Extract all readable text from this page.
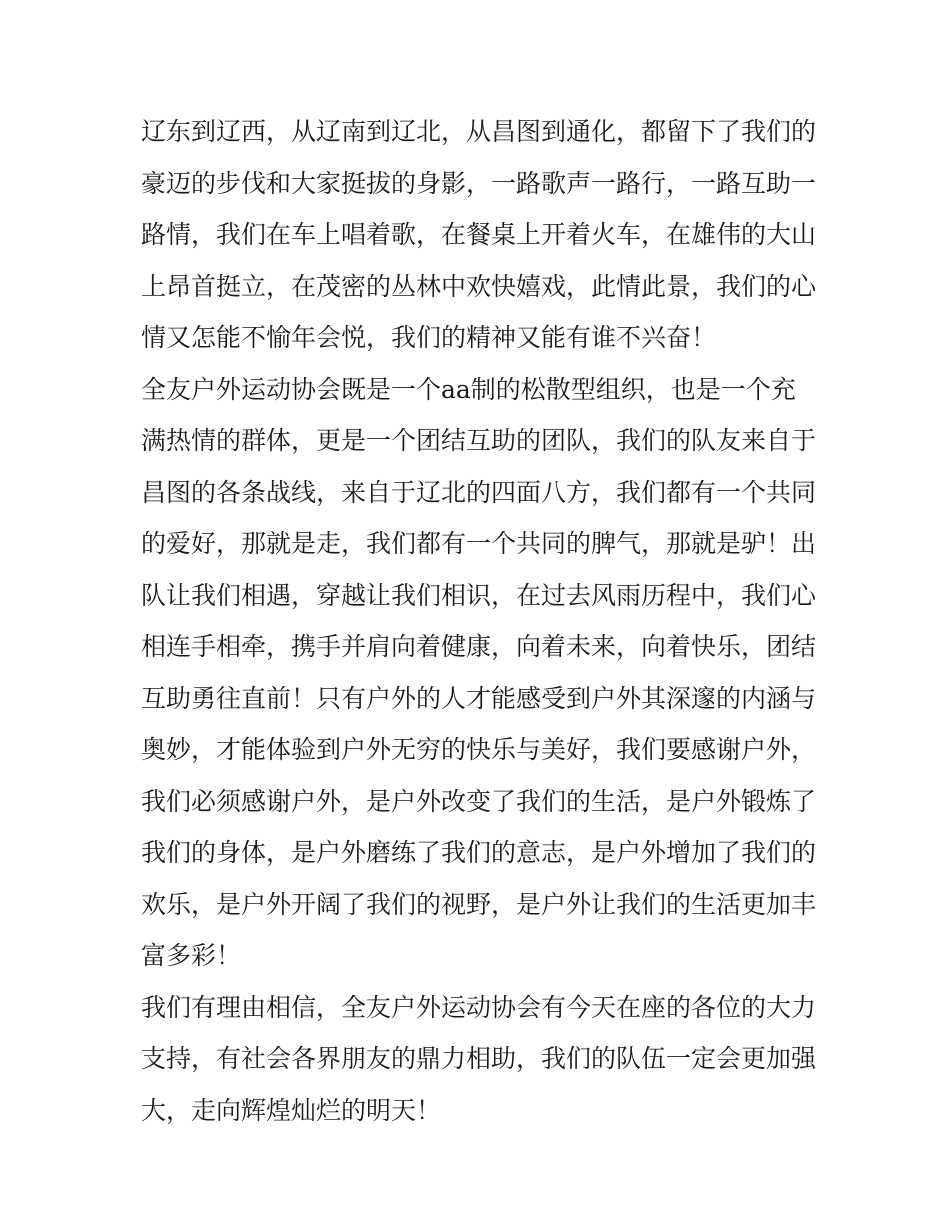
辽东到辽西，从辽南到辽北，从昌图到通化，都留下了我们的
豪迈的步伐和大家挺拔的身影，一路歌声一路行，一路互助一
路情，我们在车上唱着歌，在餐桌上开着火车，在雄伟的大山
上昂首挺立，在茂密的丛林中欢快嬉戏，此情此景，我们的心
情又怎能不愉年会悦，我们的精神又能有谁不兴奋！
全友户外运动协会既是一个aa制的松散型组织，也是一个充
满热情的群体，更是一个团结互助的团队，我们的队友来自于
昌图的各条战线，来自于辽北的四面八方，我们都有一个共同
的爱好，那就是走，我们都有一个共同的脾气，那就是驴！出
队让我们相遇，穿越让我们相识，在过去风雨历程中，我们心
相连手相牵，携手并肩向着健康，向着未来，向着快乐，团结
互助勇往直前！只有户外的人才能感受到户外其深邃的内涵与
奥妙，才能体验到户外无穷的快乐与美好，我们要感谢户外，
我们必须感谢户外，是户外改变了我们的生活，是户外锻炼了
我们的身体，是户外磨练了我们的意志，是户外增加了我们的
欢乐，是户外开阔了我们的视野，是户外让我们的生活更加丰
富多彩！
我们有理由相信，全友户外运动协会有今天在座的各位的大力
支持，有社会各界朋友的鼎力相助，我们的队伍一定会更加强
大，走向辉煌灿烂的明天！
